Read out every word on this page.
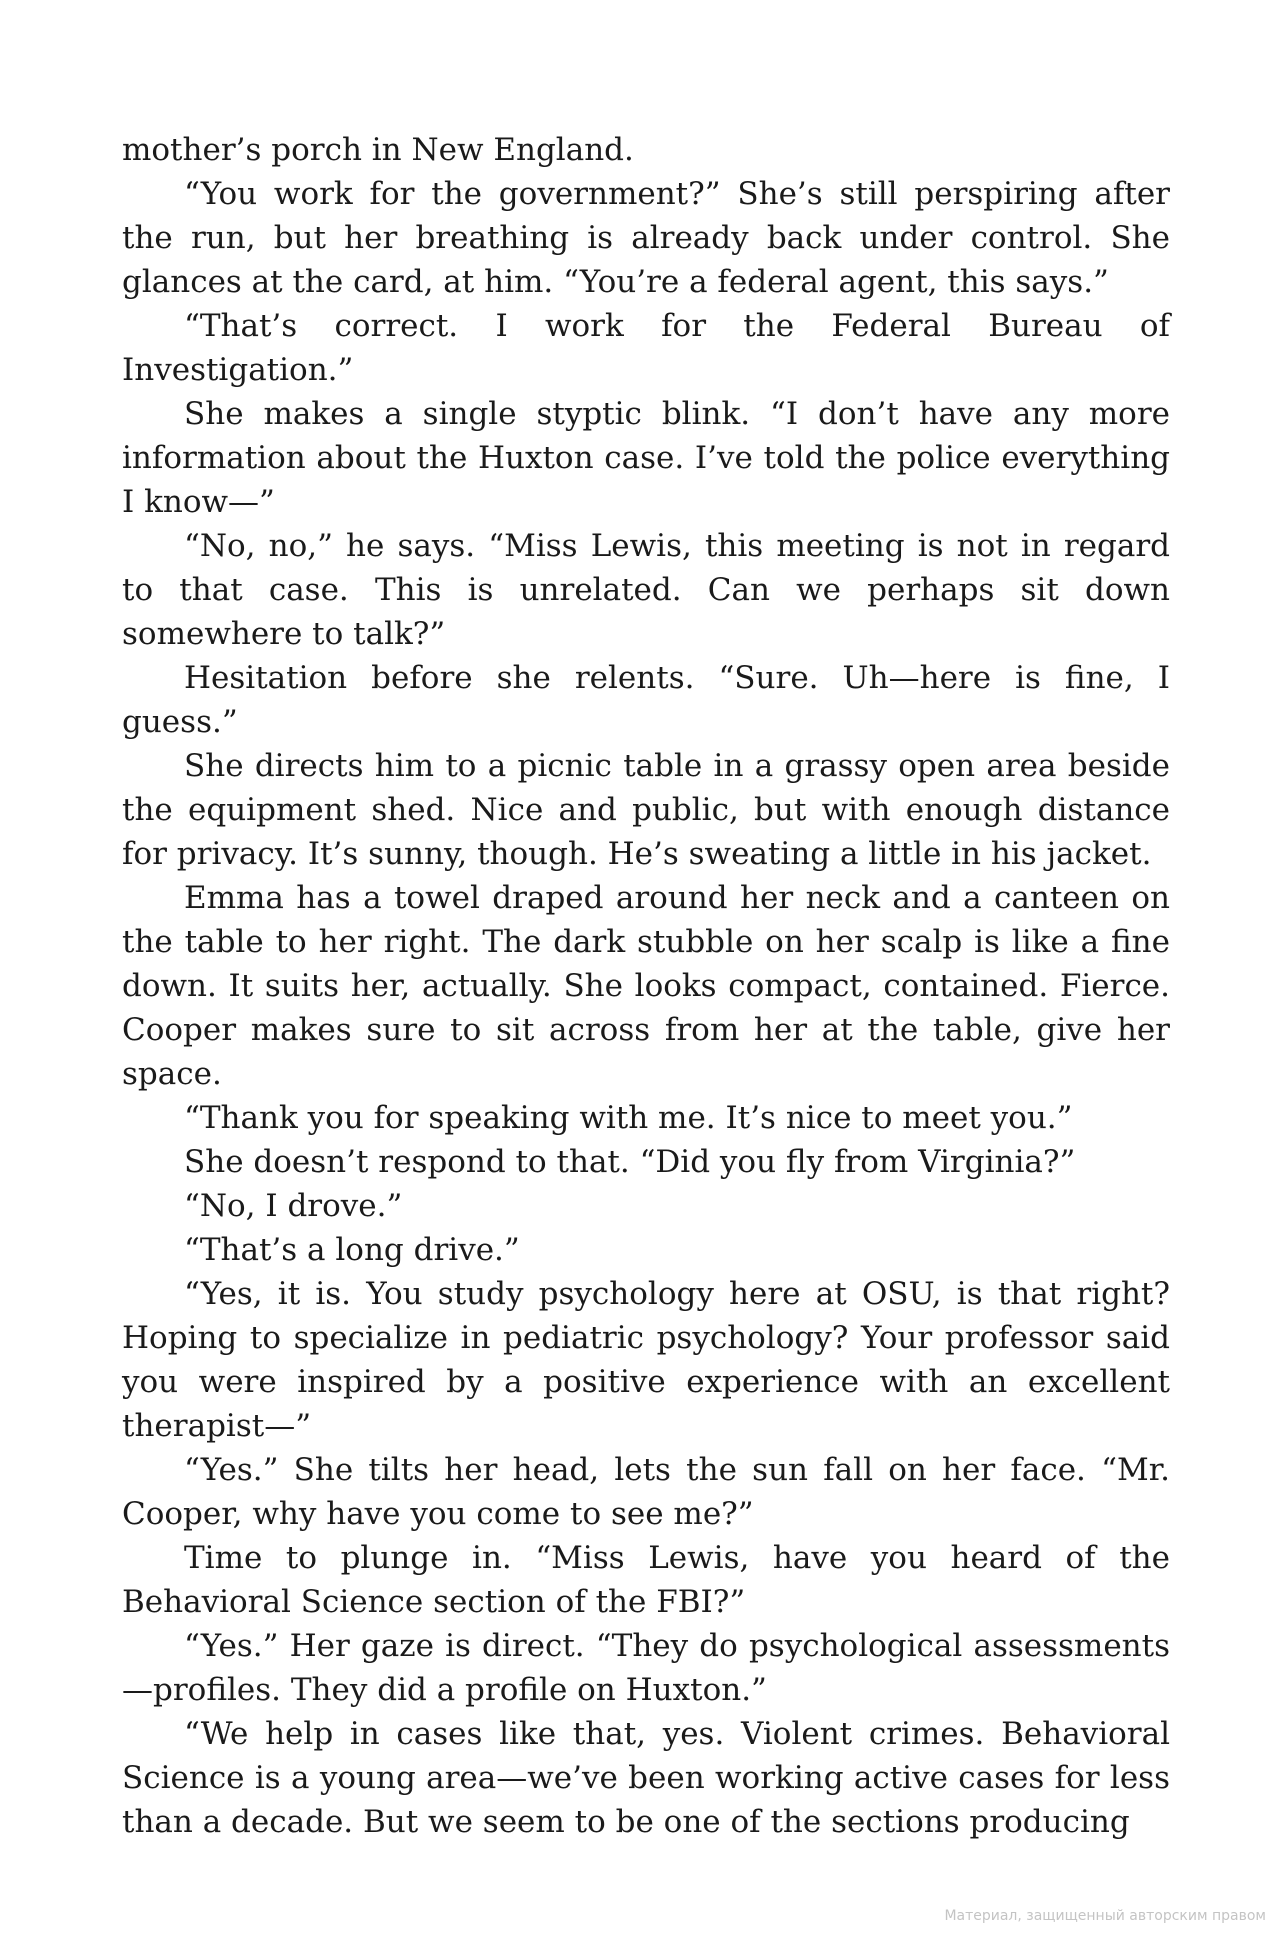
mother’s porch in New England.

“You work for the government?” She’s still perspiring after the run, but her breathing is already back under control. She glances at the card, at him. “You’re a federal agent, this says.”

“That’s correct. I work for the Federal Bureau of Investigation.”

She makes a single styptic blink. “I don’t have any more information about the Huxton case. I’ve told the police everything I know—”

“No, no,” he says. “Miss Lewis, this meeting is not in regard to that case. This is unrelated. Can we perhaps sit down somewhere to talk?”

Hesitation before she relents. “Sure. Uh—here is fine, I guess.”

She directs him to a picnic table in a grassy open area beside the equipment shed. Nice and public, but with enough distance for privacy. It’s sunny, though. He’s sweating a little in his jacket.

Emma has a towel draped around her neck and a canteen on the table to her right. The dark stubble on her scalp is like a fine down. It suits her, actually. She looks compact, contained. Fierce. Cooper makes sure to sit across from her at the table, give her space.

“Thank you for speaking with me. It’s nice to meet you.”

She doesn’t respond to that. “Did you fly from Virginia?”

“No, I drove.”

“That’s a long drive.”

“Yes, it is. You study psychology here at OSU, is that right? Hoping to specialize in pediatric psychology? Your professor said you were inspired by a positive experience with an excellent therapist—”

“Yes.” She tilts her head, lets the sun fall on her face. “Mr. Cooper, why have you come to see me?”

Time to plunge in. “Miss Lewis, have you heard of the Behavioral Science section of the FBI?”

“Yes.” Her gaze is direct. “They do psychological assessments—profiles. They did a profile on Huxton.”

“We help in cases like that, yes. Violent crimes. Behavioral Science is a young area—we’ve been working active cases for less than a decade. But we seem to be one of the sections producing

Материал, защищенный авторским правом
